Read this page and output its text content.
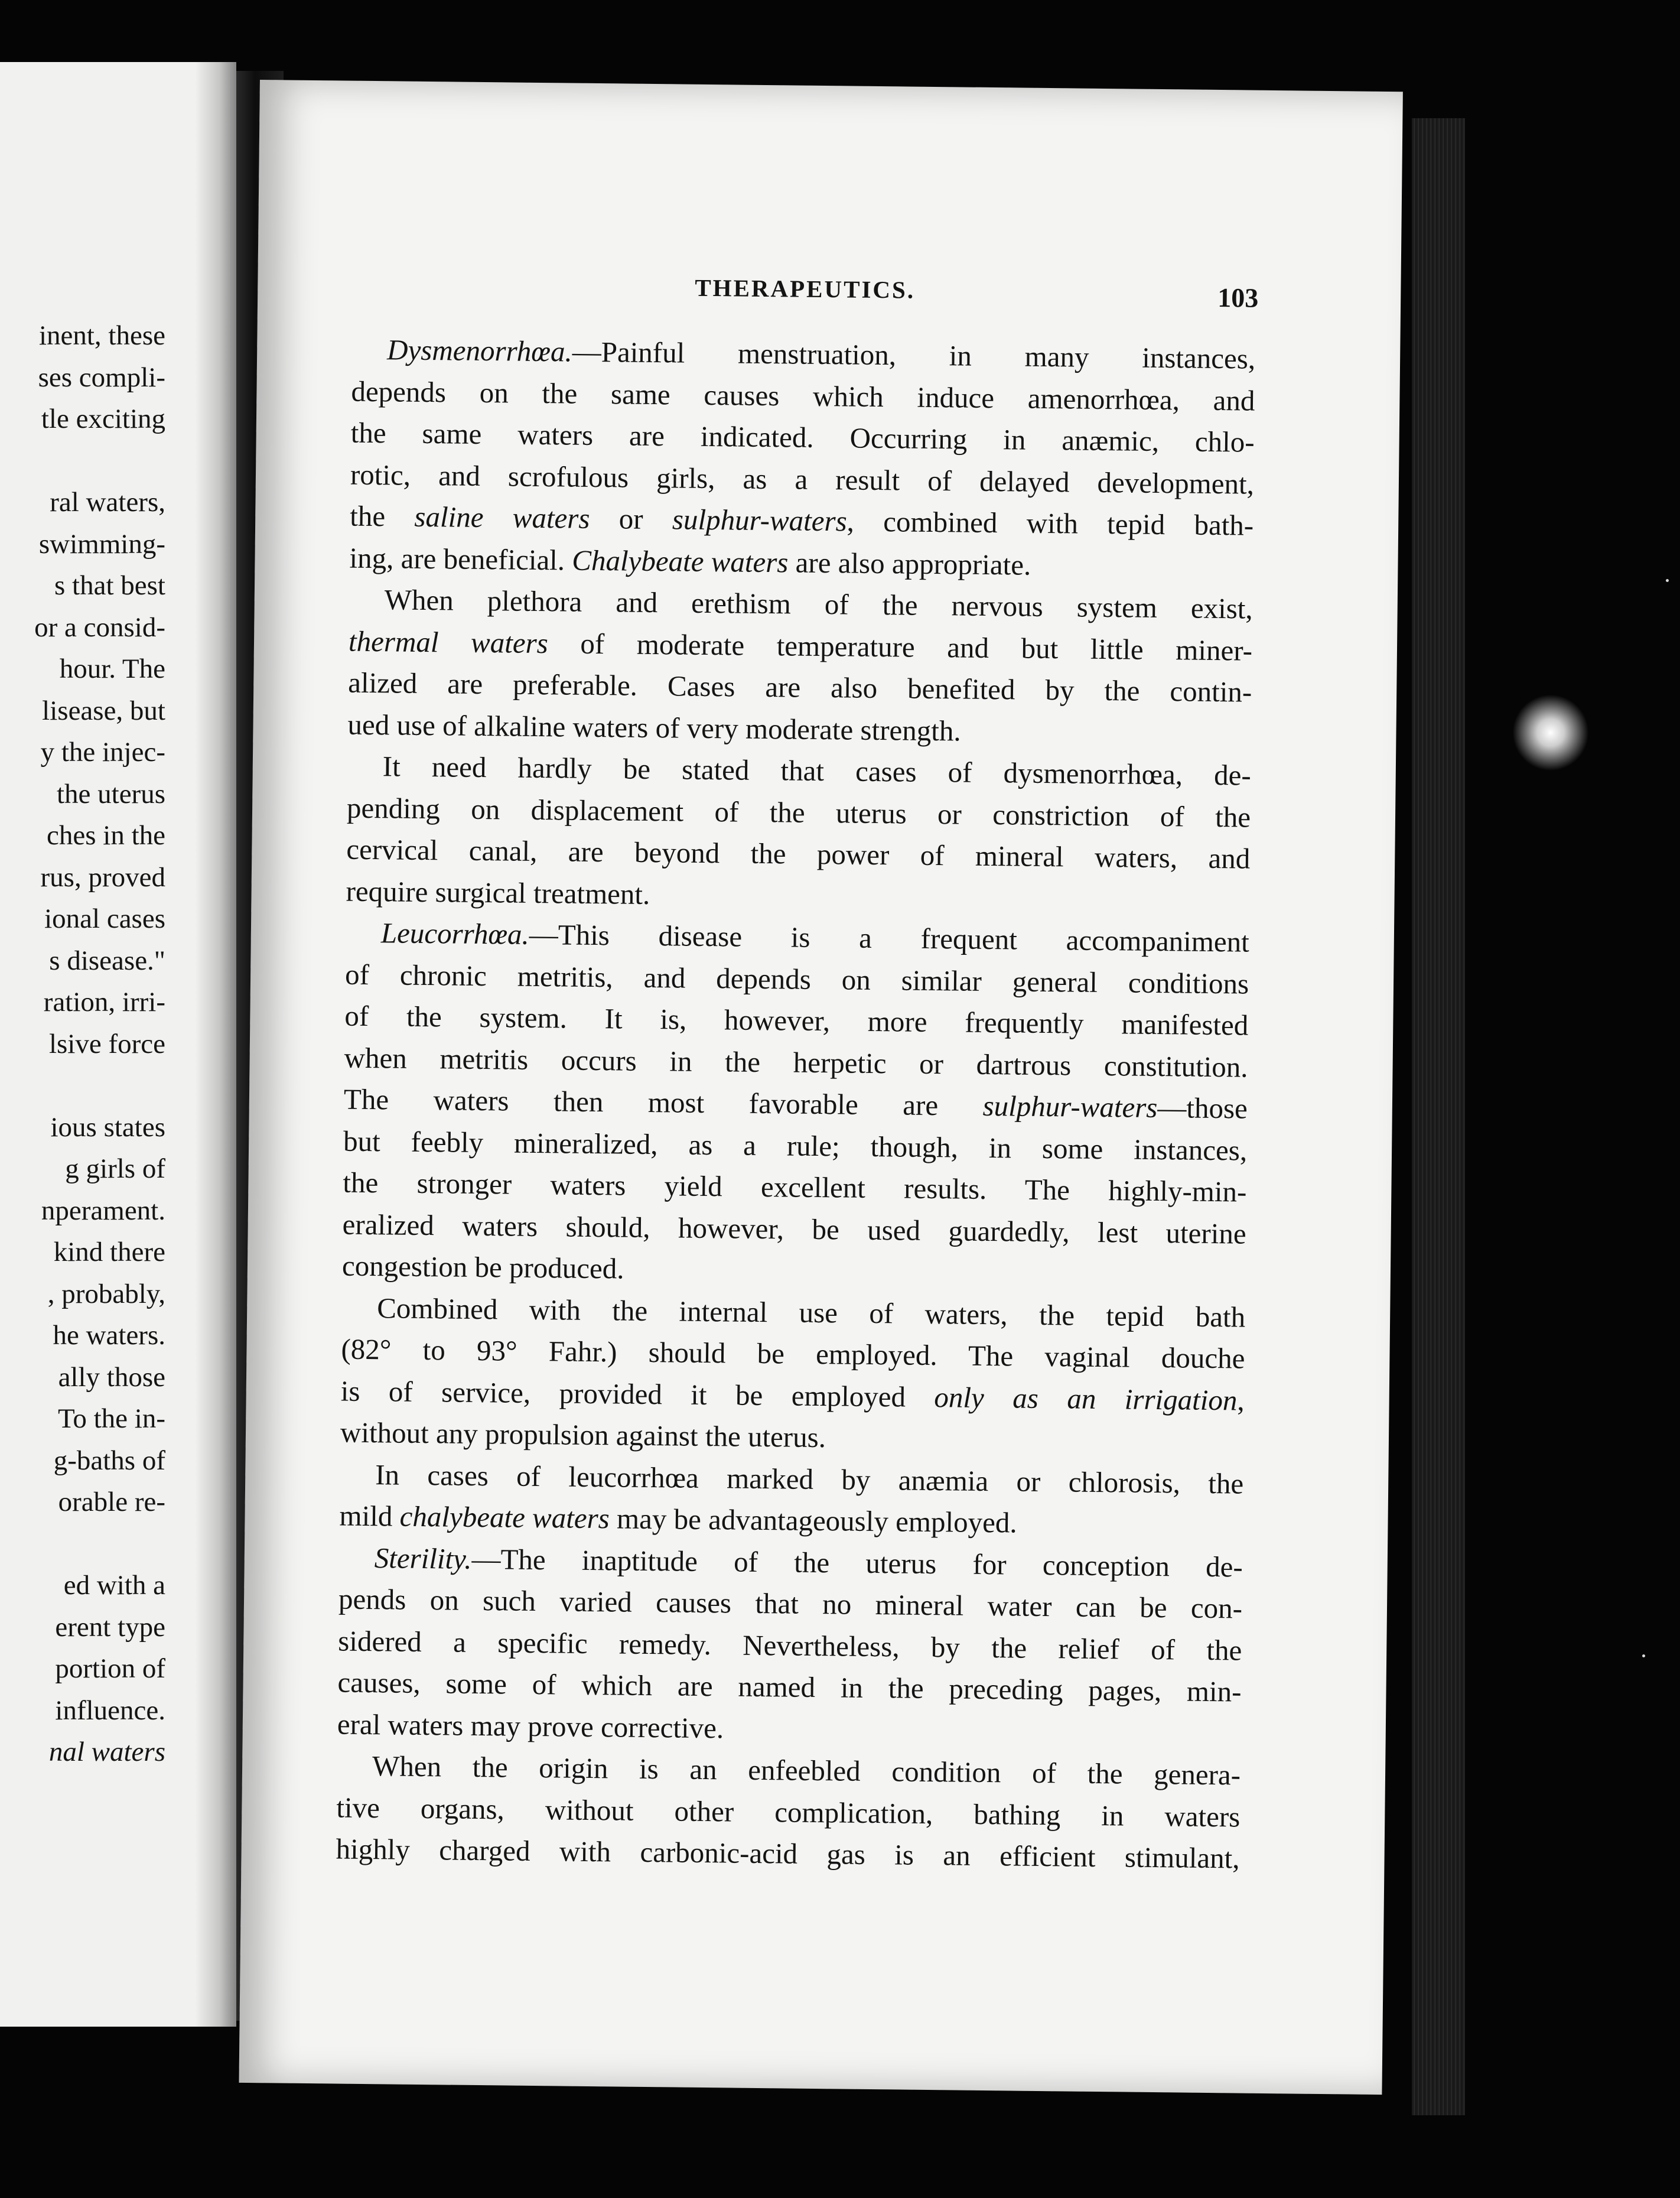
inent, these
ses compli-
tle exciting
ral waters,
swimming-
s that best
or a consid-
hour. The
lisease, but
y the injec-
the uterus
ches in the
rus, proved
ional cases
s disease."
ration, irri-
lsive force
ious states
g girls of
nperament.
kind there
, probably,
he waters.
ally those
To the in-
g-baths of
orable re-
ed with a
erent type
portion of
influence.
nal waters
THERAPEUTICS.	103
Dysmenorrhœa.—Painful menstruation, in many instances,
depends on the same causes which induce amenorrhœa, and
the same waters are indicated. Occurring in anæmic, chlo-
rotic, and scrofulous girls, as a result of delayed development,
the saline waters or sulphur-waters, combined with tepid bath-
ing, are beneficial. Chalybeate waters are also appropriate.
When plethora and erethism of the nervous system exist,
thermal waters of moderate temperature and but little miner-
alized are preferable. Cases are also benefited by the contin-
ued use of alkaline waters of very moderate strength.
It need hardly be stated that cases of dysmenorrhœa, de-
pending on displacement of the uterus or constriction of the
cervical canal, are beyond the power of mineral waters, and
require surgical treatment.
Leucorrhœa.—This disease is a frequent accompaniment
of chronic metritis, and depends on similar general conditions
of the system. It is, however, more frequently manifested
when metritis occurs in the herpetic or dartrous constitution.
The waters then most favorable are sulphur-waters—those
but feebly mineralized, as a rule; though, in some instances,
the stronger waters yield excellent results. The highly-min-
eralized waters should, however, be used guardedly, lest uterine
congestion be produced.
Combined with the internal use of waters, the tepid bath
(82° to 93° Fahr.) should be employed. The vaginal douche
is of service, provided it be employed only as an irrigation,
without any propulsion against the uterus.
In cases of leucorrhœa marked by anæmia or chlorosis, the
mild chalybeate waters may be advantageously employed.
Sterility.—The inaptitude of the uterus for conception de-
pends on such varied causes that no mineral water can be con-
sidered a specific remedy. Nevertheless, by the relief of the
causes, some of which are named in the preceding pages, min-
eral waters may prove corrective.
When the origin is an enfeebled condition of the genera-
tive organs, without other complication, bathing in waters
highly charged with carbonic-acid gas is an efficient stimulant,
